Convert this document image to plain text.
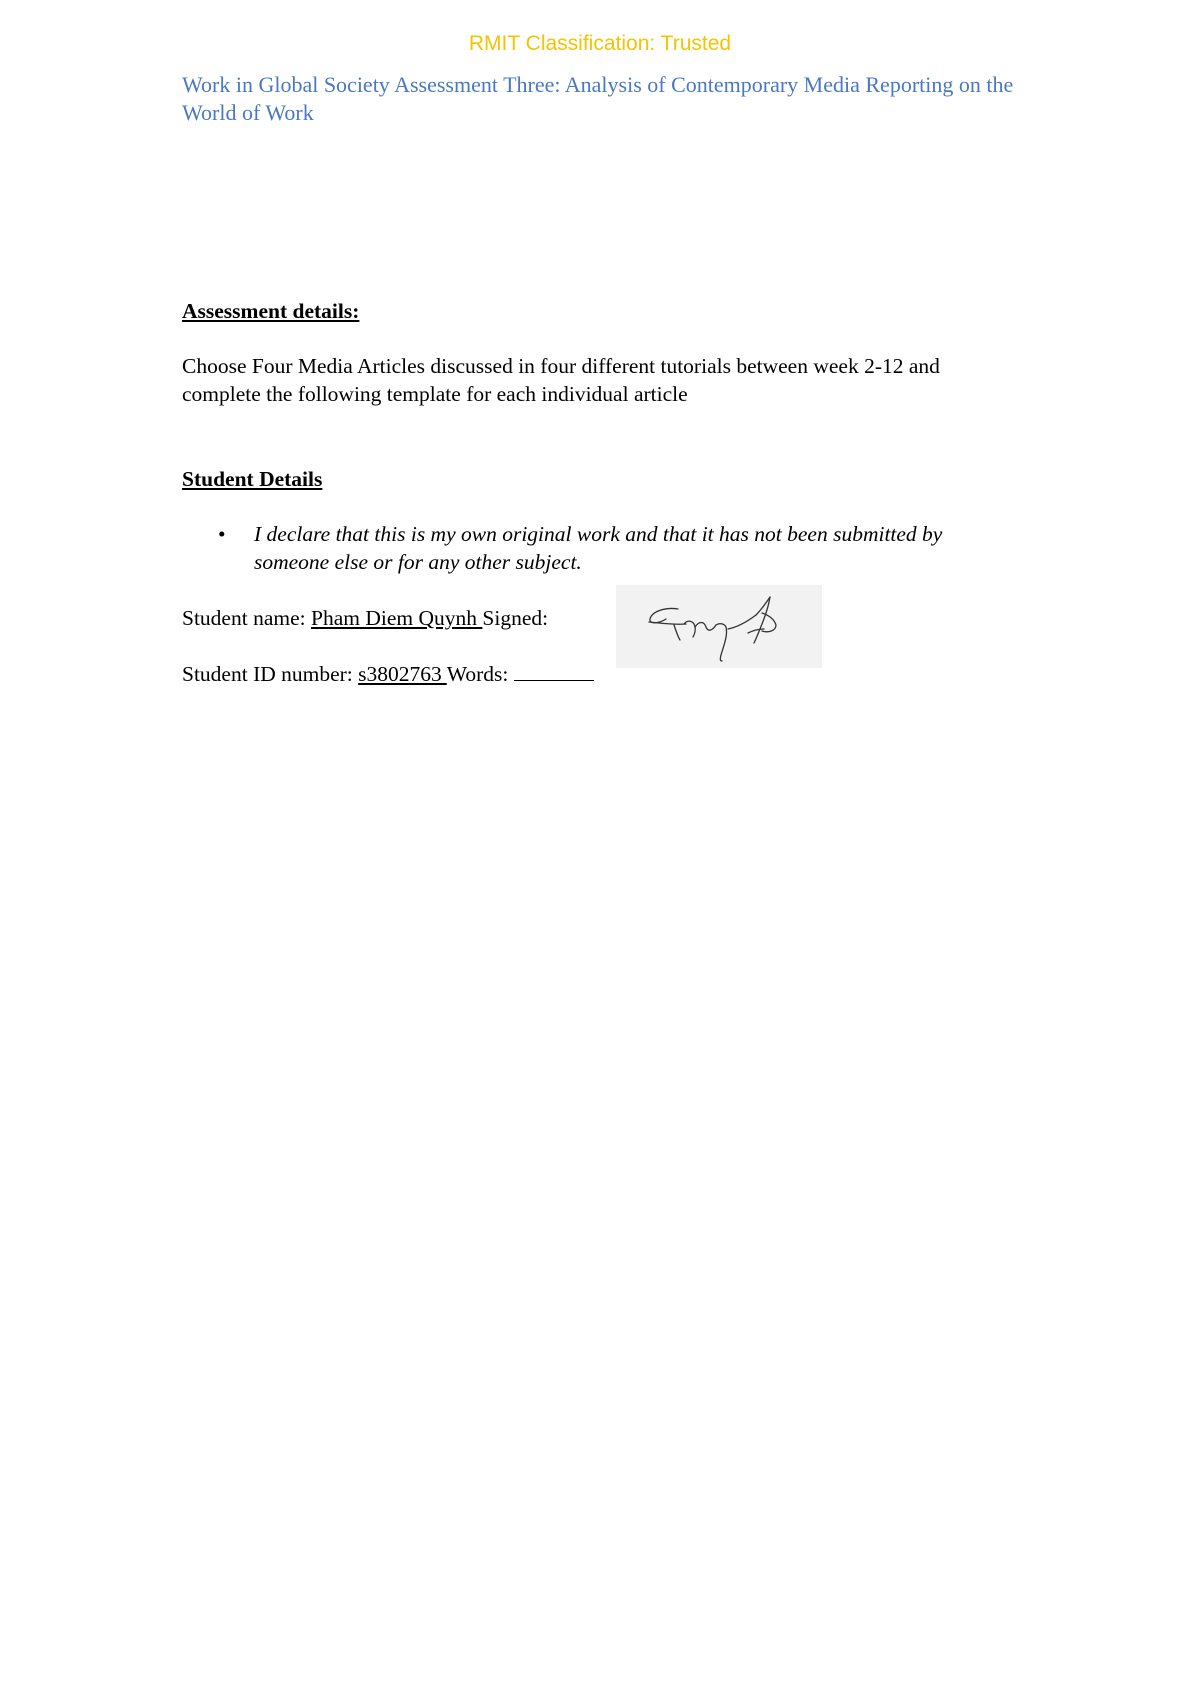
RMIT Classification: Trusted
Work in Global Society Assessment Three: Analysis of Contemporary Media Reporting on the World of Work
Assessment details:
Choose Four Media Articles discussed in four different tutorials between week 2-12 and complete the following template for each individual article
Student Details
• I declare that this is my own original work and that it has not been submitted by someone else or for any other subject.
Student name: Pham Diem Quynh Signed:
Student ID number: s3802763 Words:
